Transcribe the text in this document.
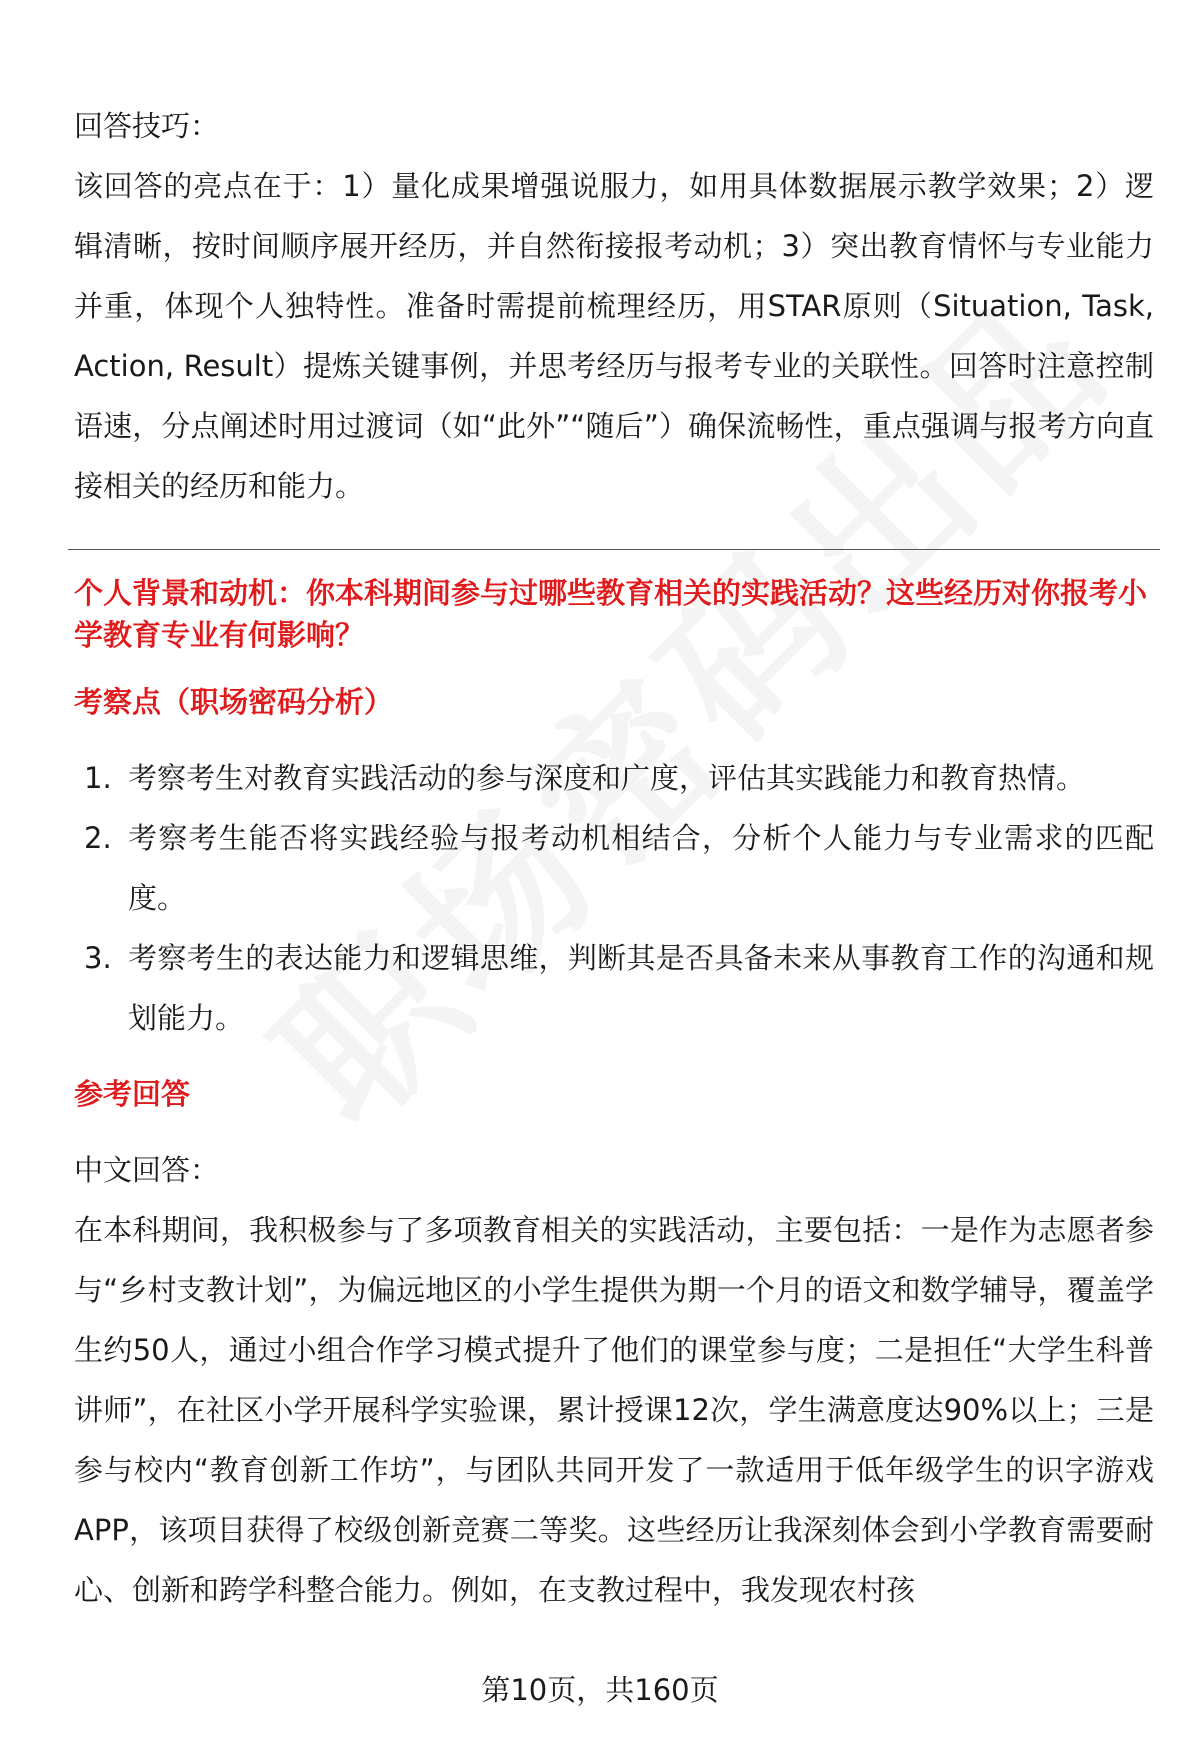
回答技巧：

该回答的亮点在于：1）量化成果增强说服力，如用具体数据展示教学效果；2）逻辑清晰，按时间顺序展开经历，并自然衔接报考动机；3）突出教育情怀与专业能力并重，体现个人独特性。准备时需提前梳理经历，用STAR原则（Situation, Task, Action, Result）提炼关键事例，并思考经历与报考专业的关联性。回答时注意控制语速，分点阐述时用过渡词（如“此外”“随后”）确保流畅性，重点强调与报考方向直接相关的经历和能力。

个人背景和动机：你本科期间参与过哪些教育相关的实践活动？这些经历对你报考小学教育专业有何影响？

考察点（职场密码分析）

1. 考察考生对教育实践活动的参与深度和广度，评估其实践能力和教育热情。
2. 考察考生能否将实践经验与报考动机相结合，分析个人能力与专业需求的匹配度。
3. 考察考生的表达能力和逻辑思维，判断其是否具备未来从事教育工作的沟通和规划能力。

参考回答

中文回答：

在本科期间，我积极参与了多项教育相关的实践活动，主要包括：一是作为志愿者参与“乡村支教计划”，为偏远地区的小学生提供为期一个月的语文和数学辅导，覆盖学生约50人，通过小组合作学习模式提升了他们的课堂参与度；二是担任“大学生科普讲师”，在社区小学开展科学实验课，累计授课12次，学生满意度达90%以上；三是参与校内“教育创新工作坊”，与团队共同开发了一款适用于低年级学生的识字游戏APP，该项目获得了校级创新竞赛二等奖。这些经历让我深刻体会到小学教育需要耐心、创新和跨学科整合能力。例如，在支教过程中，我发现农村孩

第10页，共160页
